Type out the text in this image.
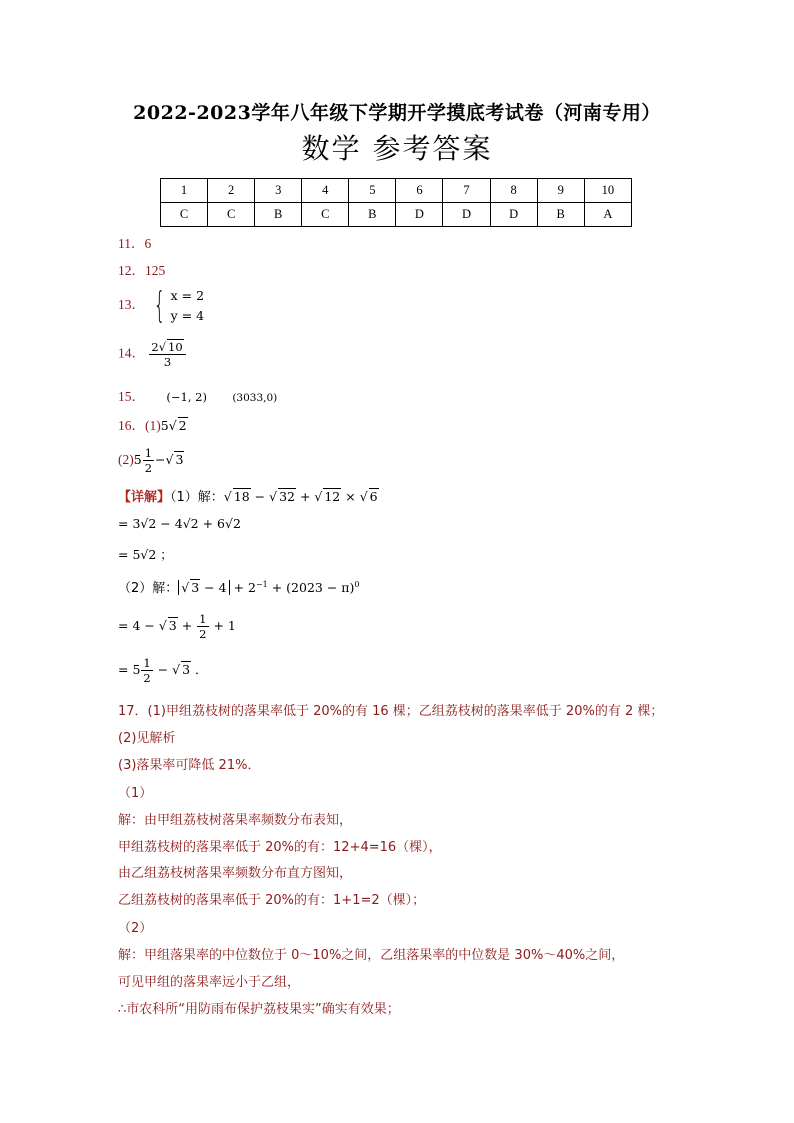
2022-2023学年八年级下学期开学摸底考试卷（河南专用）
数学 参考答案
1	2	3	4	5	6	7	8	9	10
C	C	B	C	B	D	D	D	B	A
11．6
12．125
13． { x = 2
y = 4
14． $\frac{2√ 10}{3}$
15． (−1, 2) (3033,0)
16．(1)5√ 2
$(2)5 \frac{1}{2}$ −√ 3
【详解】（1）解：√ 18 − √ 32 + √ 12 × √ 6
= 3√2 − 4√2 + 6√2
= 5√2 ；
（2）解： √ $3 - 4 + 2^{-1} + (2023 - \pi)^0$
= 4 − √ $3 + \frac{1}{2} + 1$
= $5 \frac{1}{2}$ − √ 3 ．
17．(1)甲组荔枝树的落果率低于 20%的有 16 棵；乙组荔枝树的落果率低于 20%的有 2 棵；
(2)见解析
(3)落果率可降低 21%．
（1）
解：由甲组荔枝树落果率频数分布表知，
甲组荔枝树的落果率低于 20%的有：12+4=16（棵），
由乙组荔枝树落果率频数分布直方图知，
乙组荔枝树的落果率低于 20%的有：1+1=2（棵）；
（2）
解：甲组落果率的中位数位于 0～10%之间，乙组落果率的中位数是 30%～40%之间，
可见甲组的落果率远小于乙组，
∴市农科所“用防雨布保护荔枝果实”确实有效果；
